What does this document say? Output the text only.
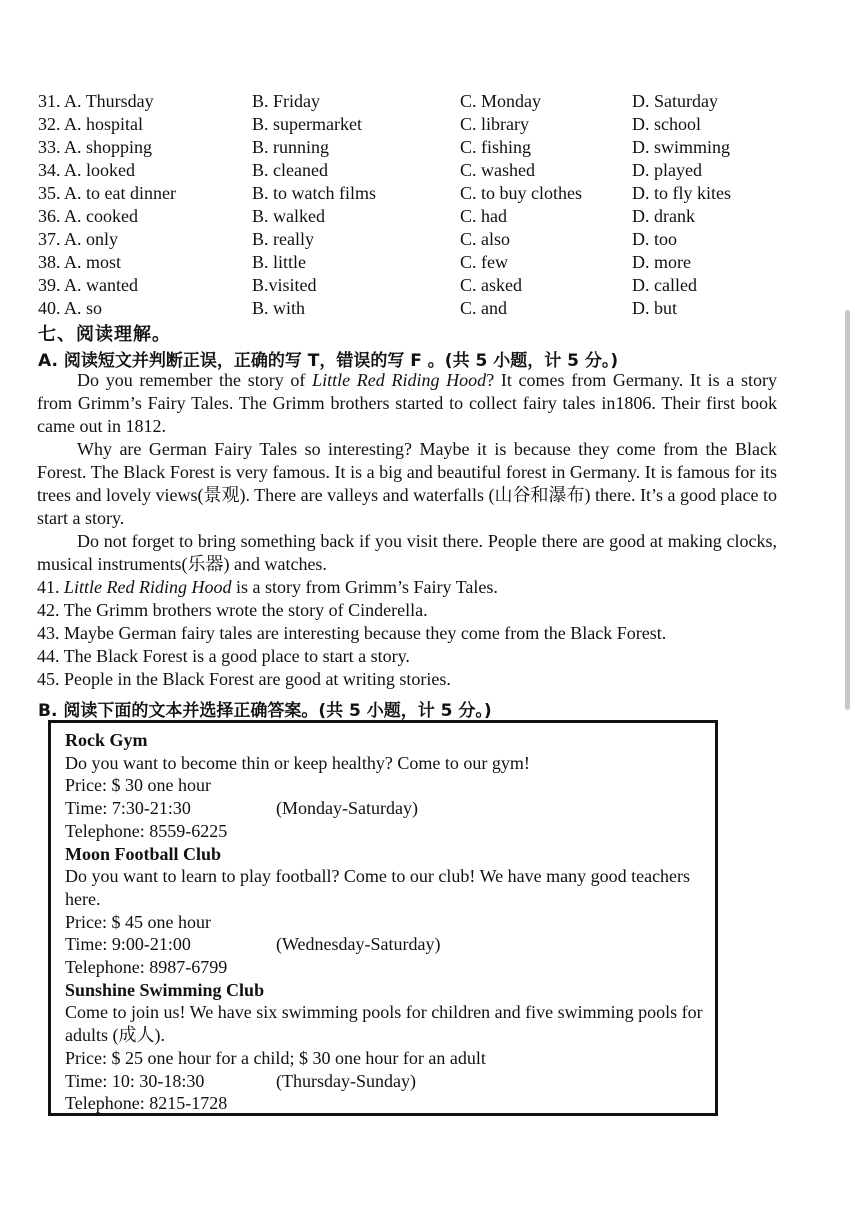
31. A. Thursday	B. Friday	C. Monday	D. Saturday
32. A. hospital	B. supermarket	C. library	D. school
33. A. shopping	B. running	C. fishing	D. swimming
34. A. looked	B. cleaned	C. washed	D. played
35. A. to eat dinner	B. to watch films	C. to buy clothes	D. to fly kites
36. A. cooked	B. walked	C. had	D. drank
37. A. only	B. really	C. also	D. too
38. A. most	B. little	C. few	D. more
39. A. wanted	B.visited	C. asked	D. called
40. A. so	B. with	C. and	D. but
七、阅读理解。
A. 阅读短文并判断正误，正确的写 T，错误的写 F 。(共 5 小题，计 5 分。)

Do you remember the story of Little Red Riding Hood? It comes from Germany. It is a story from Grimm’s Fairy Tales. The Grimm brothers started to collect fairy tales in1806. Their first book came out in 1812.

Why are German Fairy Tales so interesting? Maybe it is because they come from the Black Forest. The Black Forest is very famous. It is a big and beautiful forest in Germany. It is famous for its trees and lovely views(景观). There are valleys and waterfalls (山谷和瀑布) there. It’s a good place to start a story.

Do not forget to bring something back if you visit there. People there are good at making clocks, musical instruments(乐器) and watches.

41. Little Red Riding Hood is a story from Grimm’s Fairy Tales.
42. The Grimm brothers wrote the story of Cinderella.
43. Maybe German fairy tales are interesting because they come from the Black Forest.
44. The Black Forest is a good place to start a story.
45. People in the Black Forest are good at writing stories.
B. 阅读下面的文本并选择正确答案。(共 5 小题，计 5 分。)
Rock Gym
Do you want to become thin or keep healthy? Come to our gym!
Price: $ 30 one hour
Time: 7:30-21:30	(Monday-Saturday)
Telephone: 8559-6225
Moon Football Club
Do you want to learn to play football? Come to our club! We have many good teachers here.
Price: $ 45 one hour
Time: 9:00-21:00	(Wednesday-Saturday)
Telephone: 8987-6799
Sunshine Swimming Club
Come to join us! We have six swimming pools for children and five swimming pools for adults (成人).
Price: $ 25 one hour for a child; $ 30 one hour for an adult
Time: 10: 30-18:30	(Thursday-Sunday)
Telephone: 8215-1728
